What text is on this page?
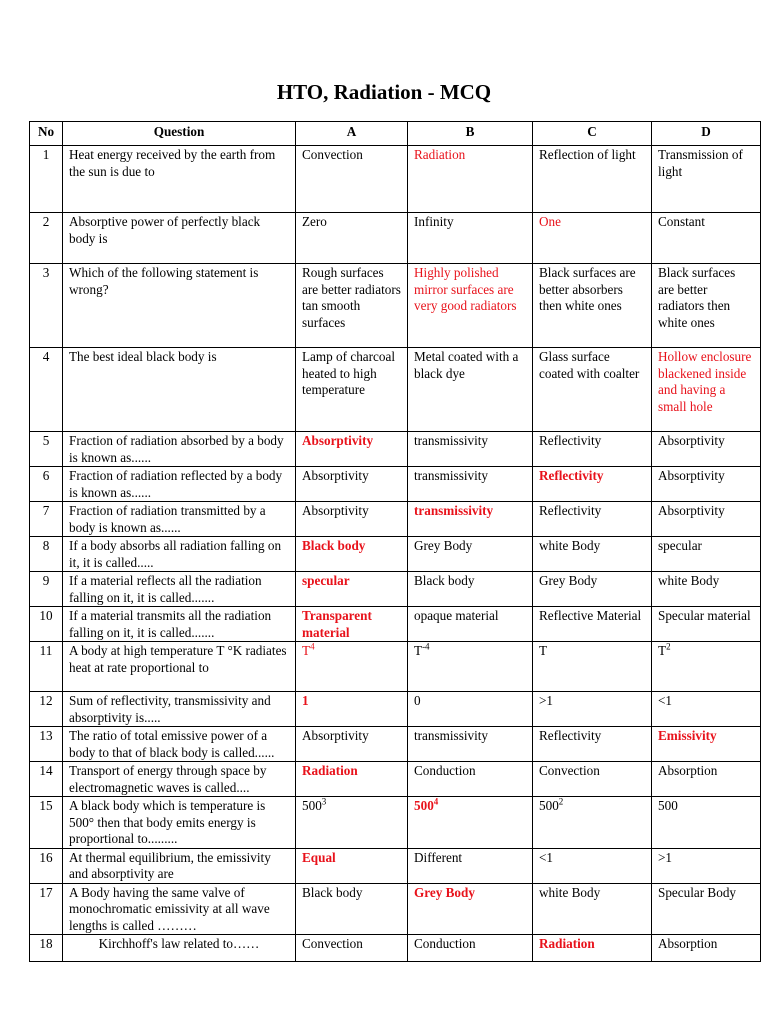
HTO, Radiation - MCQ
No	Question	A	B	C	D
1	Heat energy received by the earth from the sun is due to	Convection	Radiation	Reflection of light	Transmission of light
2	Absorptive power of perfectly black body is	Zero	Infinity	One	Constant
3	Which of the following statement is wrong?	Rough surfaces are better radiators tan smooth surfaces	Highly polished mirror surfaces are very good radiators	Black surfaces are better absorbers then white ones	Black surfaces are better radiators then white ones
4	The best ideal black body is	Lamp of charcoal heated to high temperature	Metal coated with a black dye	Glass surface coated with coalter	Hollow enclosure blackened inside and having a small hole
5	Fraction of radiation absorbed by a body is known as......	Absorptivity	transmissivity	Reflectivity	Absorptivity
6	Fraction of radiation reflected by a body is known as......	Absorptivity	transmissivity	Reflectivity	Absorptivity
7	Fraction of radiation transmitted by a body is known as......	Absorptivity	transmissivity	Reflectivity	Absorptivity
8	If a body absorbs all radiation falling on it, it is called.....	Black body	Grey Body	white Body	specular
9	If a material reflects all the radiation falling on it, it is called.......	specular	Black body	Grey Body	white Body
10	If a material transmits all the radiation falling on it, it is called.......	Transparent material	opaque material	Reflective Material	Specular material
11	A body at high temperature T °K radiates heat at rate proportional to	$T^4$	$T^{-4}$	T	$T^2$
12	Sum of reflectivity, transmissivity and absorptivity is.....	1	0	>1	<1
13	The ratio of total emissive power of a body to that of black body is called......	Absorptivity	transmissivity	Reflectivity	Emissivity
14	Transport of energy through space by electromagnetic waves is called....	Radiation	Conduction	Convection	Absorption
15	A black body which is temperature is 500° then that body emits energy is proportional to.........	$500^3$	$500^4$	$500^2$	500
16	At thermal equilibrium, the emissivity and absorptivity are	Equal	Different	<1	>1
17	A Body having the same valve of monochromatic emissivity at all wave lengths is called ………	Black body	Grey Body	white Body	Specular Body
18	Kirchhoff's law related to……	Convection	Conduction	Radiation	Absorption
